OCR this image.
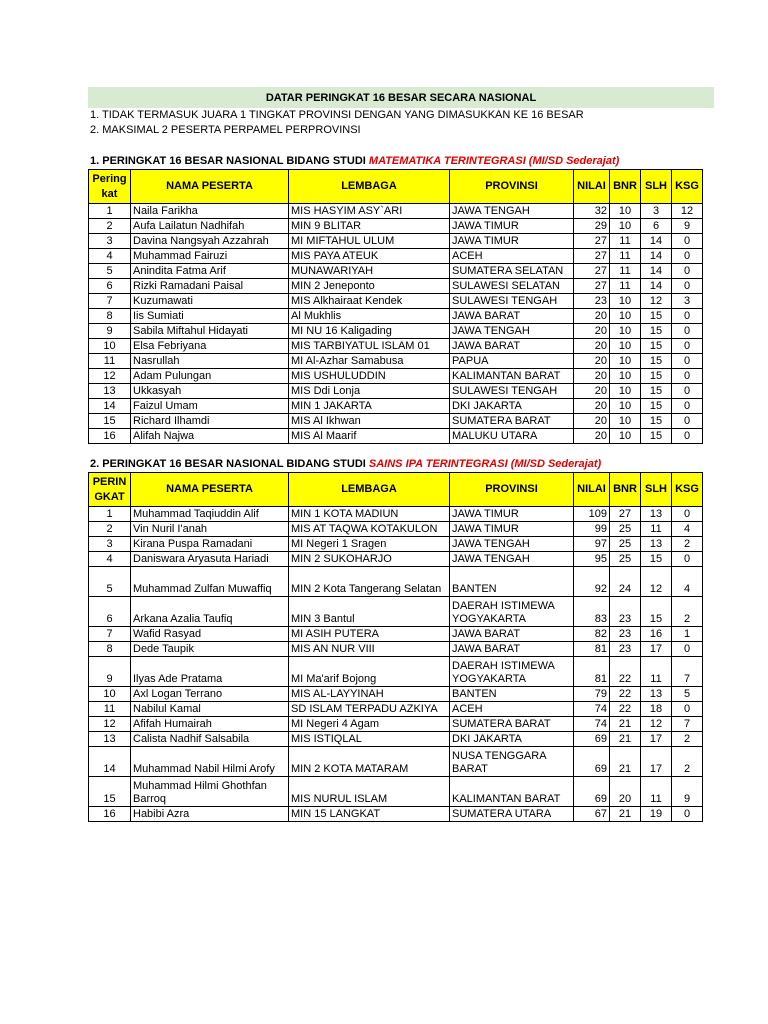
DATAR PERINGKAT 16 BESAR SECARA NASIONAL
1. TIDAK TERMASUK JUARA 1 TINGKAT PROVINSI DENGAN YANG DIMASUKKAN KE 16 BESAR
2. MAKSIMAL 2 PESERTA PERPAMEL PERPROVINSI
1. PERINGKAT 16 BESAR NASIONAL BIDANG STUDI MATEMATIKA TERINTEGRASI (MI/SD Sederajat)
Pering kat	NAMA PESERTA	LEMBAGA	PROVINSI	NILAI	BNR	SLH	KSG
1	Naila Farikha	MIS HASYIM ASY`ARI	JAWA TENGAH	32	10	3	12
2	Aufa Lailatun Nadhifah	MIN 9 BLITAR	JAWA TIMUR	29	10	6	9
3	Davina Nangsyah Azzahrah	MI MIFTAHUL ULUM	JAWA TIMUR	27	11	14	0
4	Muhammad Fairuzi	MIS PAYA ATEUK	ACEH	27	11	14	0
5	Anindita Fatma Arif	MUNAWARIYAH	SUMATERA SELATAN	27	11	14	0
6	Rizki Ramadani Paisal	MIN 2 Jeneponto	SULAWESI SELATAN	27	11	14	0
7	Kuzumawati	MIS Alkhairaat Kendek	SULAWESI TENGAH	23	10	12	3
8	Iis Sumiati	Al Mukhlis	JAWA BARAT	20	10	15	0
9	Sabila Miftahul Hidayati	MI NU 16 Kaligading	JAWA TENGAH	20	10	15	0
10	Elsa Febriyana	MIS TARBIYATUL ISLAM 01	JAWA BARAT	20	10	15	0
11	Nasrullah	MI Al-Azhar Samabusa	PAPUA	20	10	15	0
12	Adam Pulungan	MIS USHULUDDIN	KALIMANTAN BARAT	20	10	15	0
13	Ukkasyah	MIS Ddi Lonja	SULAWESI TENGAH	20	10	15	0
14	Faizul Umam	MIN 1 JAKARTA	DKI JAKARTA	20	10	15	0
15	Richard Ilhamdi	MIS Al Ikhwan	SUMATERA BARAT	20	10	15	0
16	Alifah Najwa	MIS Al Maarif	MALUKU UTARA	20	10	15	0
2. PERINGKAT 16 BESAR NASIONAL BIDANG STUDI SAINS IPA TERINTEGRASI (MI/SD Sederajat)
PERIN GKAT	NAMA PESERTA	LEMBAGA	PROVINSI	NILAI	BNR	SLH	KSG
1	Muhammad Taqiuddin Alif	MIN 1 KOTA MADIUN	JAWA TIMUR	109	27	13	0
2	Vin Nuril I'anah	MIS AT TAQWA KOTAKULON	JAWA TIMUR	99	25	11	4
3	Kirana Puspa Ramadani	MI Negeri 1 Sragen	JAWA TENGAH	97	25	13	2
4	Daniswara Aryasuta Hariadi	MIN 2 SUKOHARJO	JAWA TENGAH	95	25	15	0
5	Muhammad Zulfan Muwaffiq	MIN 2 Kota Tangerang Selatan	BANTEN	92	24	12	4
6	Arkana Azalia Taufiq	MIN 3 Bantul	DAERAH ISTIMEWA YOGYAKARTA	83	23	15	2
7	Wafid Rasyad	MI ASIH PUTERA	JAWA BARAT	82	23	16	1
8	Dede Taupik	MIS AN NUR VIII	JAWA BARAT	81	23	17	0
9	Ilyas Ade Pratama	MI Ma'arif Bojong	DAERAH ISTIMEWA YOGYAKARTA	81	22	11	7
10	Axl Logan Terrano	MIS AL-LAYYINAH	BANTEN	79	22	13	5
11	Nabilul Kamal	SD ISLAM TERPADU AZKIYA	ACEH	74	22	18	0
12	Afifah Humairah	MI Negeri 4 Agam	SUMATERA BARAT	74	21	12	7
13	Calista Nadhif Salsabila	MIS ISTIQLAL	DKI JAKARTA	69	21	17	2
14	Muhammad Nabil Hilmi Arofy	MIN 2 KOTA MATARAM	NUSA TENGGARA BARAT	69	21	17	2
15	Muhammad Hilmi Ghothfan Barroq	MIS NURUL ISLAM	KALIMANTAN BARAT	69	20	11	9
16	Habibi Azra	MIN 15 LANGKAT	SUMATERA UTARA	67	21	19	0
